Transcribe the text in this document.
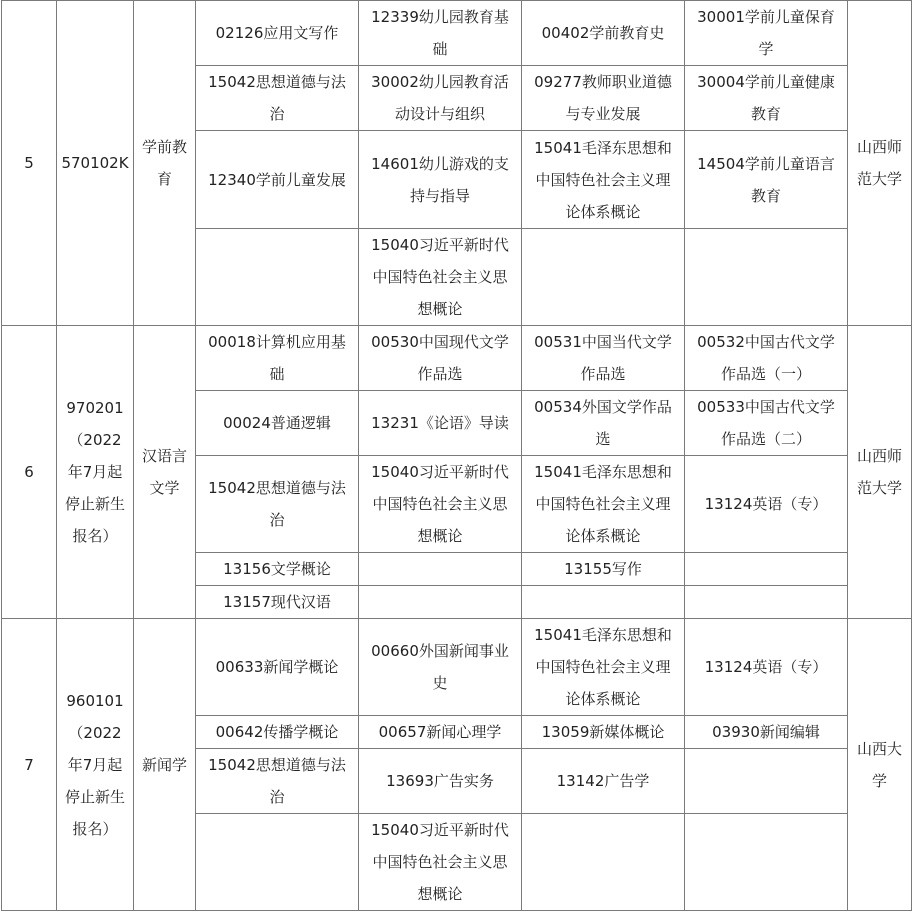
5	570102K	学前教育	02126应用文写作	12339幼儿园教育基础	00402学前教育史	30001学前儿童保育学	山西师范大学

			15042思想道德与法治	30002幼儿园教育活动设计与组织	09277教师职业道德与专业发展	30004学前儿童健康教育	

			12340学前儿童发展	14601幼儿游戏的支持与指导	15041毛泽东思想和中国特色社会主义理论体系概论	14504学前儿童语言教育	

				15040习近平新时代中国特色社会主义思想概论			

6	970201（2022年7月起停止新生报名）	汉语言文学	00018计算机应用基础	00530中国现代文学作品选	00531中国当代文学作品选	00532中国古代文学作品选（一）	山西师范大学

			00024普通逻辑	13231《论语》导读	00534外国文学作品选	00533中国古代文学作品选（二）	

			15042思想道德与法治	15040习近平新时代中国特色社会主义思想概论	15041毛泽东思想和中国特色社会主义理论体系概论	13124英语（专）	

			13156文学概论		13155写作		

			13157现代汉语				

7	960101（2022年7月起停止新生报名）	新闻学	00633新闻学概论	00660外国新闻事业史	15041毛泽东思想和中国特色社会主义理论体系概论	13124英语（专）	山西大学

			00642传播学概论	00657新闻心理学	13059新媒体概论	03930新闻编辑	

			15042思想道德与法治	13693广告实务	13142广告学		

				15040习近平新时代中国特色社会主义思想概论			
